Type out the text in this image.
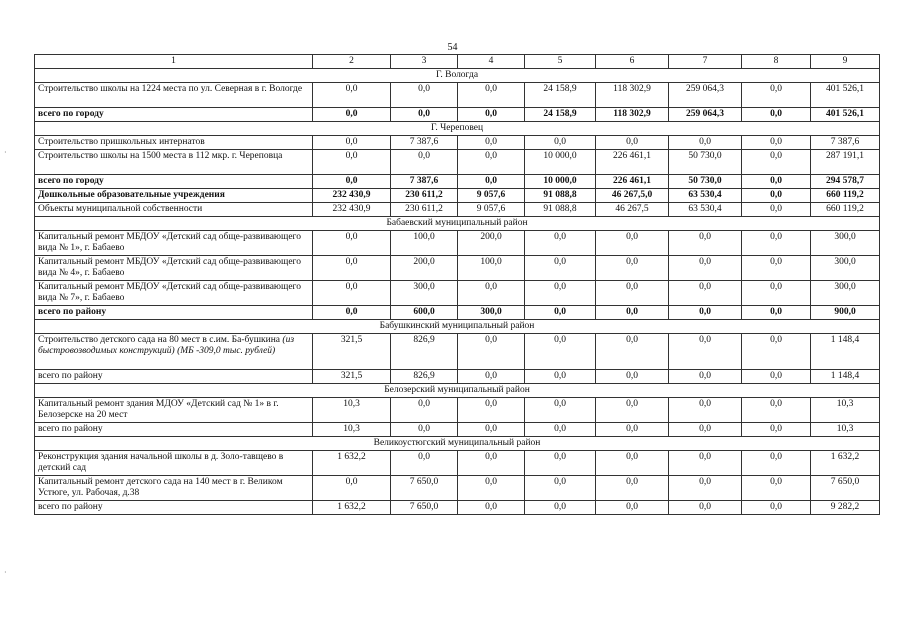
54
1	2	3	4	5	6	7	8	9
Г. Вологда								
Строительство школы на 1224 места по ул. Северная в г. Вологде	0,0	0,0	0,0	24 158,9	118 302,9	259 064,3	0,0	401 526,1
всего по городу	0,0	0,0	0,0	24 158,9	118 302,9	259 064,3	0,0	401 526,1
Г. Череповец								
Строительство пришкольных интернатов	0,0	7 387,6	0,0	0,0	0,0	0,0	0,0	7 387,6
Строительство школы на 1500 места в 112 мкр. г. Череповца	0,0	0,0	0,0	10 000,0	226 461,1	50 730,0	0,0	287 191,1
всего по городу	0,0	7 387,6	0,0	10 000,0	226 461,1	50 730,0	0,0	294 578,7
Дошкольные образовательные учреждения	232 430,9	230 611,2	9 057,6	91 088,8	46 267,5,0	63 530,4	0,0	660 119,2
Объекты муниципальной собственности	232 430,9	230 611,2	9 057,6	91 088,8	46 267,5	63 530,4	0,0	660 119,2
Бабаевский муниципальный район								
Капитальный ремонт МБДОУ «Детский сад обще-развивающего вида № 1», г. Бабаево	0,0	100,0	200,0	0,0	0,0	0,0	0,0	300,0
Капитальный ремонт МБДОУ «Детский сад обще-развивающего вида № 4», г. Бабаево	0,0	200,0	100,0	0,0	0,0	0,0	0,0	300,0
Капитальный ремонт МБДОУ «Детский сад обще-развивающего вида № 7», г. Бабаево	0,0	300,0	0,0	0,0	0,0	0,0	0,0	300,0
всего по району	0,0	600,0	300,0	0,0	0,0	0,0	0,0	900,0
Бабушкинский муниципальный район								
Строительство детского сада на 80 мест в с.им. Ба-бушкина (из быстровозводимых конструкций) (МБ -309,0 тыс. рублей)	321,5	826,9	0,0	0,0	0,0	0,0	0,0	1 148,4
всего по району	321,5	826,9	0,0	0,0	0,0	0,0	0,0	1 148,4
Белозерский муниципальный район								
Капитальный ремонт здания МДОУ «Детский сад № 1» в г. Белозерске на 20 мест	10,3	0,0	0,0	0,0	0,0	0,0	0,0	10,3
всего по району	10,3	0,0	0,0	0,0	0,0	0,0	0,0	10,3
Великоустюгский муниципальный район								
Реконструкция здания начальной школы в д. Золо-тавщево в детский сад	1 632,2	0,0	0,0	0,0	0,0	0,0	0,0	1 632,2
Капитальный ремонт детского сада на 140 мест в г. Великом Устюге, ул. Рабочая, д.38	0,0	7 650,0	0,0	0,0	0,0	0,0	0,0	7 650,0
всего по району	1 632,2	7 650,0	0,0	0,0	0,0	0,0	0,0	9 282,2
·
·
